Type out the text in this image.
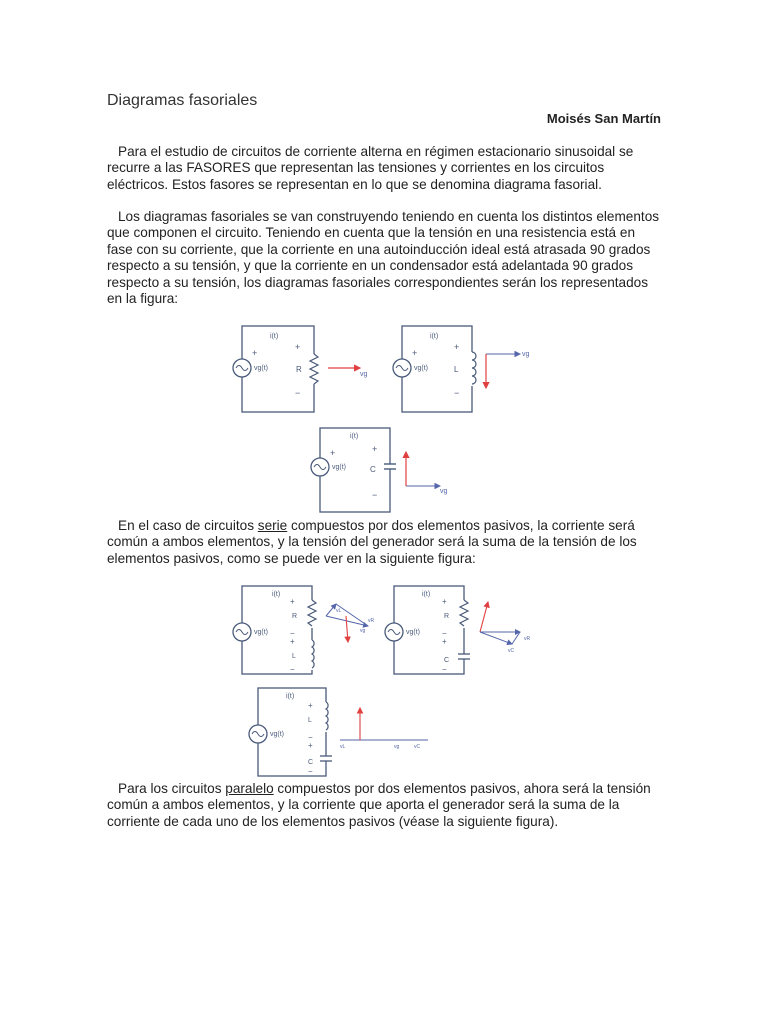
Diagramas fasoriales
Moisés San Martín
Para el estudio de circuitos de corriente alterna en régimen estacionario sinusoidal se recurre a las FASORES que representan las tensiones y corrientes en los circuitos eléctricos. Estos fasores se representan en lo que se denomina diagrama fasorial.
Los diagramas fasoriales se van construyendo teniendo en cuenta los distintos elementos que componen el circuito. Teniendo en cuenta que la tensión en una resistencia está en fase con su corriente, que la corriente en una autoinducción ideal está atrasada 90 grados respecto a su tensión, y que la corriente en un condensador está adelantada 90 grados respecto a su tensión, los diagramas fasoriales correspondientes serán los representados en la figura:
i(t)
vg(t)
+
+
−
R
vg
i(t)
vg(t)
+
+
−
L
vg
i(t)
vg(t)
+	+
−
C
vg
En el caso de circuitos serie compuestos por dos elementos pasivos, la corriente será común a ambos elementos, y la tensión del generador será la suma de la tensión de los elementos pasivos, como se puede ver en la siguiente figura:
i(t)
vg(t)
+
R
−
+
L
−
vL
vR
vg
i(t)
vg(t)
+
R
−
+
C
−
vR
vC
i(t)
vg(t)
+
L
−
+
C
−
vL	vg	vC
Para los circuitos paralelo compuestos por dos elementos pasivos, ahora será la tensión común a ambos elementos, y la corriente que aporta el generador será la suma de la corriente de cada uno de los elementos pasivos (véase la siguiente figura).
